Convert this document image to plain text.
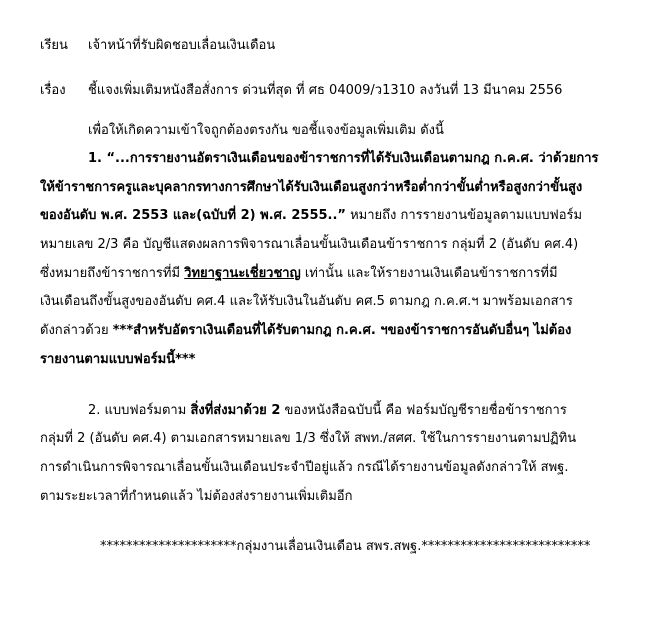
เรียน เจ้าหน้าที่รับผิดชอบเลื่อนเงินเดือน
เรื่อง ชี้แจงเพิ่มเติมหนังสือสั่งการ ด่วนที่สุด ที่ ศธ 04009/ว1310 ลงวันที่ 13 มีนาคม 2556
เพื่อให้เกิดความเข้าใจถูกต้องตรงกัน ขอชี้แจงข้อมูลเพิ่มเติม ดังนี้
1. “...การรายงานอัตราเงินเดือนของข้าราชการที่ได้รับเงินเดือนตามกฎ ก.ค.ศ. ว่าด้วยการ
ให้ข้าราชการครูและบุคลากรทางการศึกษาได้รับเงินเดือนสูงกว่าหรือต่ำกว่าขั้นต่ำหรือสูงกว่าขั้นสูง
ของอันดับ พ.ศ. 2553 และ(ฉบับที่ 2) พ.ศ. 2555..” หมายถึง การรายงานข้อมูลตามแบบฟอร์ม
หมายเลข 2/3 คือ บัญชีแสดงผลการพิจารณาเลื่อนขั้นเงินเดือนข้าราชการ กลุ่มที่ 2 (อันดับ คศ.4)
ซึ่งหมายถึงข้าราชการที่มี วิทยาฐานะเชี่ยวชาญ เท่านั้น และให้รายงานเงินเดือนข้าราชการที่มี
เงินเดือนถึงขั้นสูงของอันดับ คศ.4 และให้รับเงินในอันดับ คศ.5 ตามกฎ ก.ค.ศ.ฯ มาพร้อมเอกสาร
ดังกล่าวด้วย ***สำหรับอัตราเงินเดือนที่ได้รับตามกฎ ก.ค.ศ. ฯของข้าราชการอันดับอื่นๆ ไม่ต้อง
รายงานตามแบบฟอร์มนี้***
2. แบบฟอร์มตาม สิ่งที่ส่งมาด้วย 2 ของหนังสือฉบับนี้ คือ ฟอร์มบัญชีรายชื่อข้าราชการ
กลุ่มที่ 2 (อันดับ คศ.4) ตามเอกสารหมายเลข 1/3 ซึ่งให้ สพท./สศศ. ใช้ในการรายงานตามปฏิทิน
การดำเนินการพิจารณาเลื่อนขั้นเงินเดือนประจำปีอยู่แล้ว กรณีได้รายงานข้อมูลดังกล่าวให้ สพฐ.
ตามระยะเวลาที่กำหนดแล้ว ไม่ต้องส่งรายงานเพิ่มเติมอีก
*********************กลุ่มงานเลื่อนเงินเดือน สพร.สพฐ.**************************
